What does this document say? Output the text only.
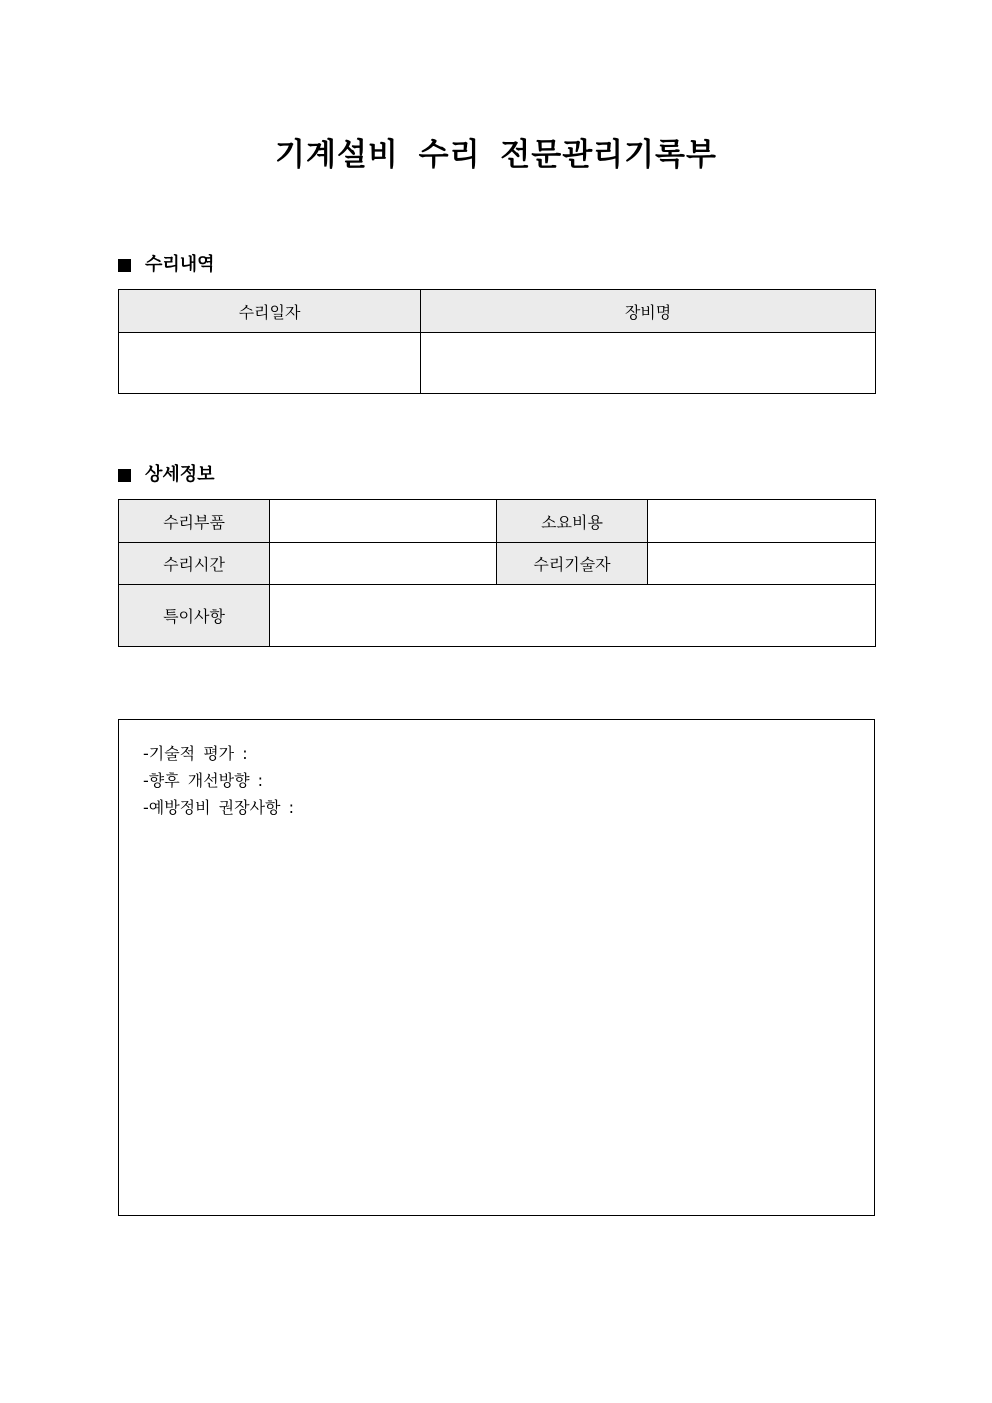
기계설비 수리 전문관리기록부
수리내역
수리일자	장비명

상세정보
수리부품		소요비용	
수리시간		수리기술자	
특이사항			
-기술적 평가 :
-향후 개선방향 :
-예방정비 권장사항 :
